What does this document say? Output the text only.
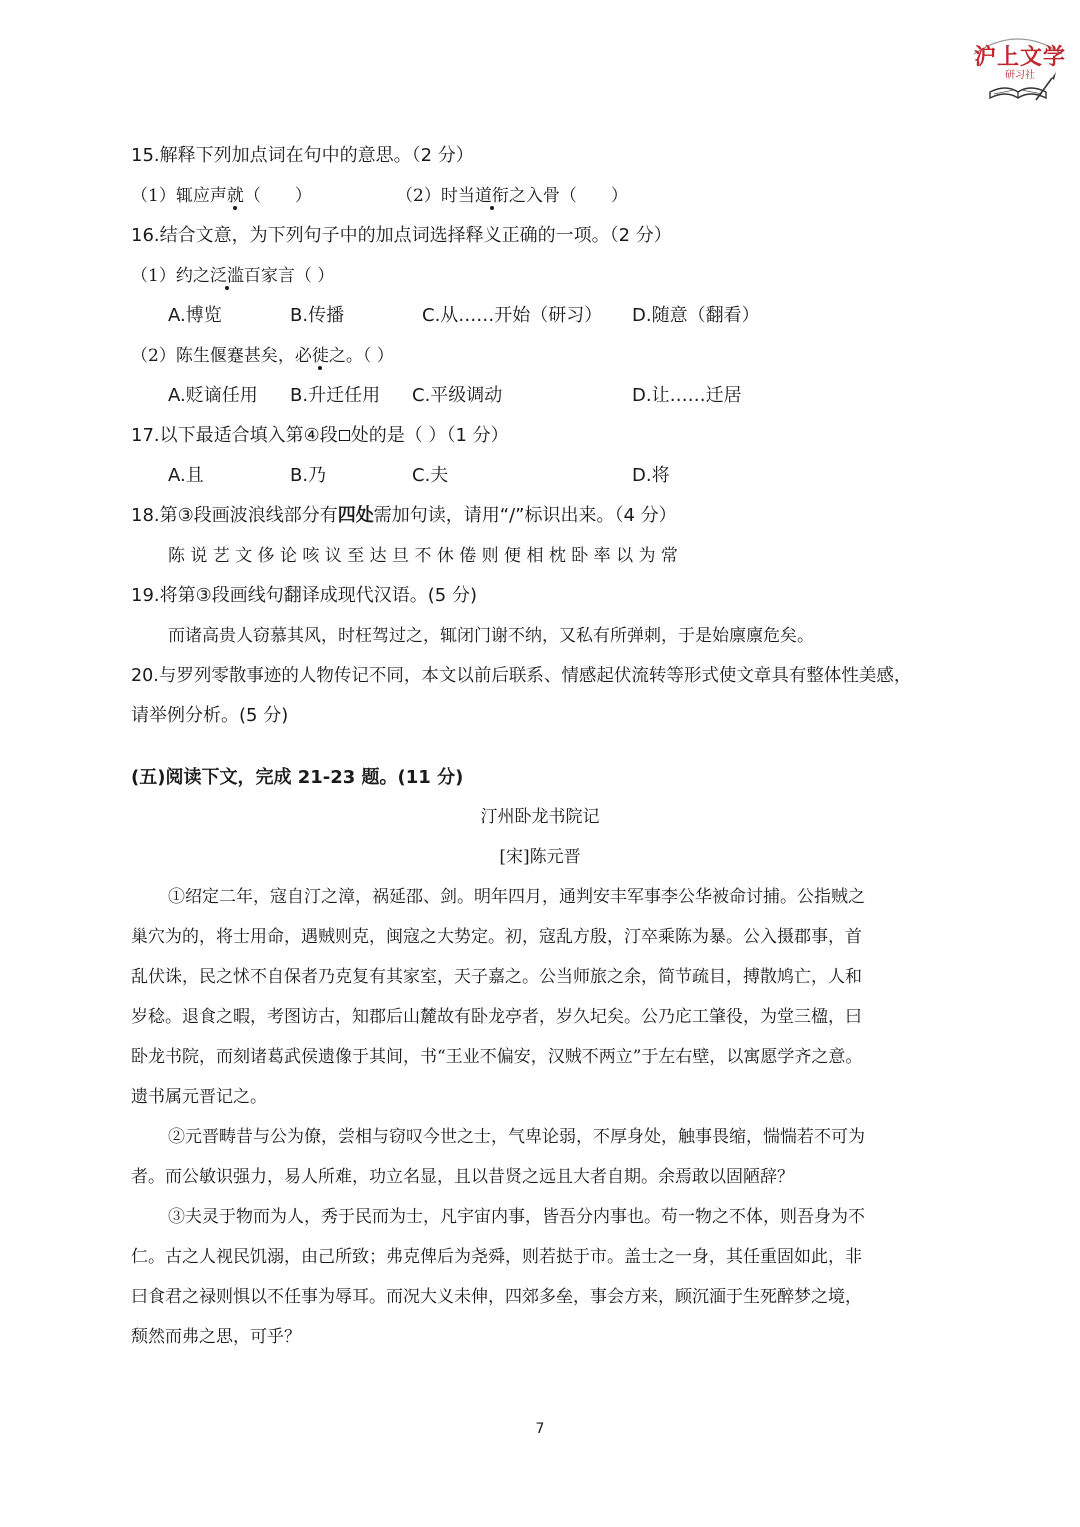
沪上文学
研习社
15.解释下列加点词在句中的意思。（2 分）
（1）辄应声就（　　）	（2）时当道衔之入骨（　　）
16.结合文意，为下列句子中的加点词选择释义正确的一项。（2 分）
（1）约之泛滥百家言（ ）
A.博览	B.传播	C.从……开始（研习） D.随意（翻看）
（2）陈生偃蹇甚矣，必徙之。（ ）
A.贬谪任用 B.升迁任用 C.平级调动	D.让……迁居
17.以下最适合填入第④段 处的是（ ）（1 分）
A.且	B.乃	C.夫	D.将
18.第③段画波浪线部分有四处需加句读，请用“/”标识出来。（4 分）
陈 说 艺 文 侈 论 咳 议 至 达 旦 不 休 倦 则 便 相 枕 卧 率 以 为 常
19.将第③段画线句翻译成现代汉语。(5 分)
而诸高贵人窃慕其风，时枉驾过之，辄闭门谢不纳，又私有所弹刺，于是始廪廪危矣。
20.与罗列零散事迹的人物传记不同，本文以前后联系、情感起伏流转等形式使文章具有整体性美感，
请举例分析。(5 分)
(五)阅读下文，完成 21-23 题。(11 分)
汀州卧龙书院记
[宋]陈元晋
①绍定二年，寇自汀之漳，祸延邵、剑。明年四月，通判安丰军事李公华被命讨捕。公指贼之
巢穴为的，将士用命，遇贼则克，闽寇之大势定。初，寇乱方殷，汀卒乘陈为暴。公入摄郡事，首
乱伏诛，民之怵不自保者乃克复有其家室，天子嘉之。公当师旅之余，简节疏目，搏散鸠亡，人和
岁稔。退食之暇，考图访古，知郡后山麓故有卧龙亭者，岁久圮矣。公乃庀工肇役，为堂三楹，曰
卧龙书院，而刻诸葛武侯遗像于其间，书“王业不偏安，汉贼不两立”于左右壁，以寓愿学齐之意。
遗书属元晋记之。
②元晋畴昔与公为僚，尝相与窃叹今世之士，气卑论弱，不厚身处，触事畏缩，惴惴若不可为
者。而公敏识强力，易人所难，功立名显，且以昔贤之远且大者自期。余焉敢以固陋辞？
③夫灵于物而为人，秀于民而为士，凡宇宙内事，皆吾分内事也。苟一物之不体，则吾身为不
仁。古之人视民饥溺，由己所致；弗克俾后为尧舜，则若挞于市。盖士之一身，其任重固如此，非
曰食君之禄则惧以不任事为辱耳。而况大义未伸，四郊多垒，事会方来，顾沉湎于生死醉梦之境，
颓然而弗之思，可乎？
7
